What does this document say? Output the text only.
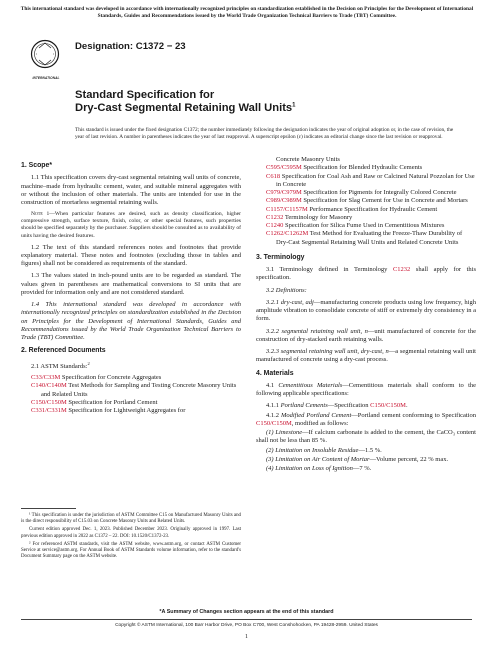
This international standard was developed in accordance with internationally recognized principles on standardization established in the Decision on Principles for the Development of International Standards, Guides and Recommendations issued by the World Trade Organization Technical Barriers to Trade (TBT) Committee.
INTERNATIONAL
Designation: C1372 − 23
Standard Specification for
Dry-Cast Segmental Retaining Wall Units$^1$
This standard is issued under the fixed designation C1372; the number immediately following the designation indicates the year of original adoption or, in the case of revision, the year of last revision. A number in parentheses indicates the year of last reapproval. A superscript epsilon (ε) indicates an editorial change since the last revision or reapproval.
1. Scope*

1.1 This specification covers dry-cast segmental retaining wall units of concrete, machine–made from hydraulic cement, water, and suitable mineral aggregates with or without the inclusion of other materials. The units are intended for use in the construction of mortarless segmental retaining walls.

Note 1—When particular features are desired, such as density classification, higher compressive strength, surface texture, finish, color, or other special features, such properties should be specified separately by the purchaser. Suppliers should be consulted as to availability of units having the desired features.

1.2 The text of this standard references notes and footnotes that provide explanatory material. These notes and footnotes (excluding those in tables and figures) shall not be considered as requirements of the standard.

1.3 The values stated in inch-pound units are to be regarded as standard. The values given in parentheses are mathematical conversions to SI units that are provided for information only and are not considered standard.

1.4 This international standard was developed in accordance with internationally recognized principles on standardization established in the Decision on Principles for the Development of International Standards, Guides and Recommendations issued by the World Trade Organization Technical Barriers to Trade (TBT) Committee.

2. Referenced Documents

2.1 ASTM Standards:$^2$

C33/C33M Specification for Concrete Aggregates
C140/C140M Test Methods for Sampling and Testing Concrete Masonry Units and Related Units
C150/C150M Specification for Portland Cement
C331/C331M Specification for Lightweight Aggregates for
Concrete Masonry Units
C595/C595M Specification for Blended Hydraulic Cements
C618 Specification for Coal Ash and Raw or Calcined Natural Pozzolan for Use in Concrete
C979/C979M Specification for Pigments for Integrally Colored Concrete
C989/C989M Specification for Slag Cement for Use in Concrete and Mortars
C1157/C1157M Performance Specification for Hydraulic Cement
C1232 Terminology for Masonry
C1240 Specification for Silica Fume Used in Cementitious Mixtures
C1262/C1262M Test Method for Evaluating the Freeze-Thaw Durability of Dry-Cast Segmental Retaining Wall Units and Related Concrete Units
3. Terminology

3.1 Terminology defined in Terminology C1232 shall apply for this specification.

3.2 Definitions:

3.2.1 dry-cast, adj—manufacturing concrete products using low frequency, high amplitude vibration to consolidate concrete of stiff or extremely dry consistency in a form.

3.2.2 segmental retaining wall unit, n—unit manufactured of concrete for the construction of dry-stacked earth retaining walls.

3.2.3 segmental retaining wall unit, dry-cast, n—a segmental retaining wall unit manufactured of concrete using a dry-cast process.

4. Materials

4.1 Cementitious Materials—Cementitious materials shall conform to the following applicable specifications:

4.1.1 Portland Cements—Specification C150/C150M.

4.1.2 Modified Portland Cement—Portland cement conforming to Specification C150/C150M, modified as follows:

(1) Limestone—If calcium carbonate is added to the cement, the CaCO₃ content shall not be less than 85 %.

(2) Limitation on Insoluble Residue—1.5 %.

(3) Limitation on Air Content of Mortar—Volume percent, 22 % max.

(4) Limitation on Loss of Ignition—7 %.

¹ This specification is under the jurisdiction of ASTM Committee C15 on Manufactured Masonry Units and is the direct responsibility of C15.03 on Concrete Masonry Units and Related Units.

Current edition approved Dec. 1, 2023. Published December 2023. Originally approved in 1997. Last previous edition approved in 2022 as C1372 – 22. DOI: 10.1520/C1372-23.

² For referenced ASTM standards, visit the ASTM website, www.astm.org, or contact ASTM Customer Service at service@astm.org. For Annual Book of ASTM Standards volume information, refer to the standard's Document Summary page on the ASTM website.

*A Summary of Changes section appears at the end of this standard
Copyright © ASTM International, 100 Barr Harbor Drive, PO Box C700, West Conshohocken, PA 19428-2959. United States
1
